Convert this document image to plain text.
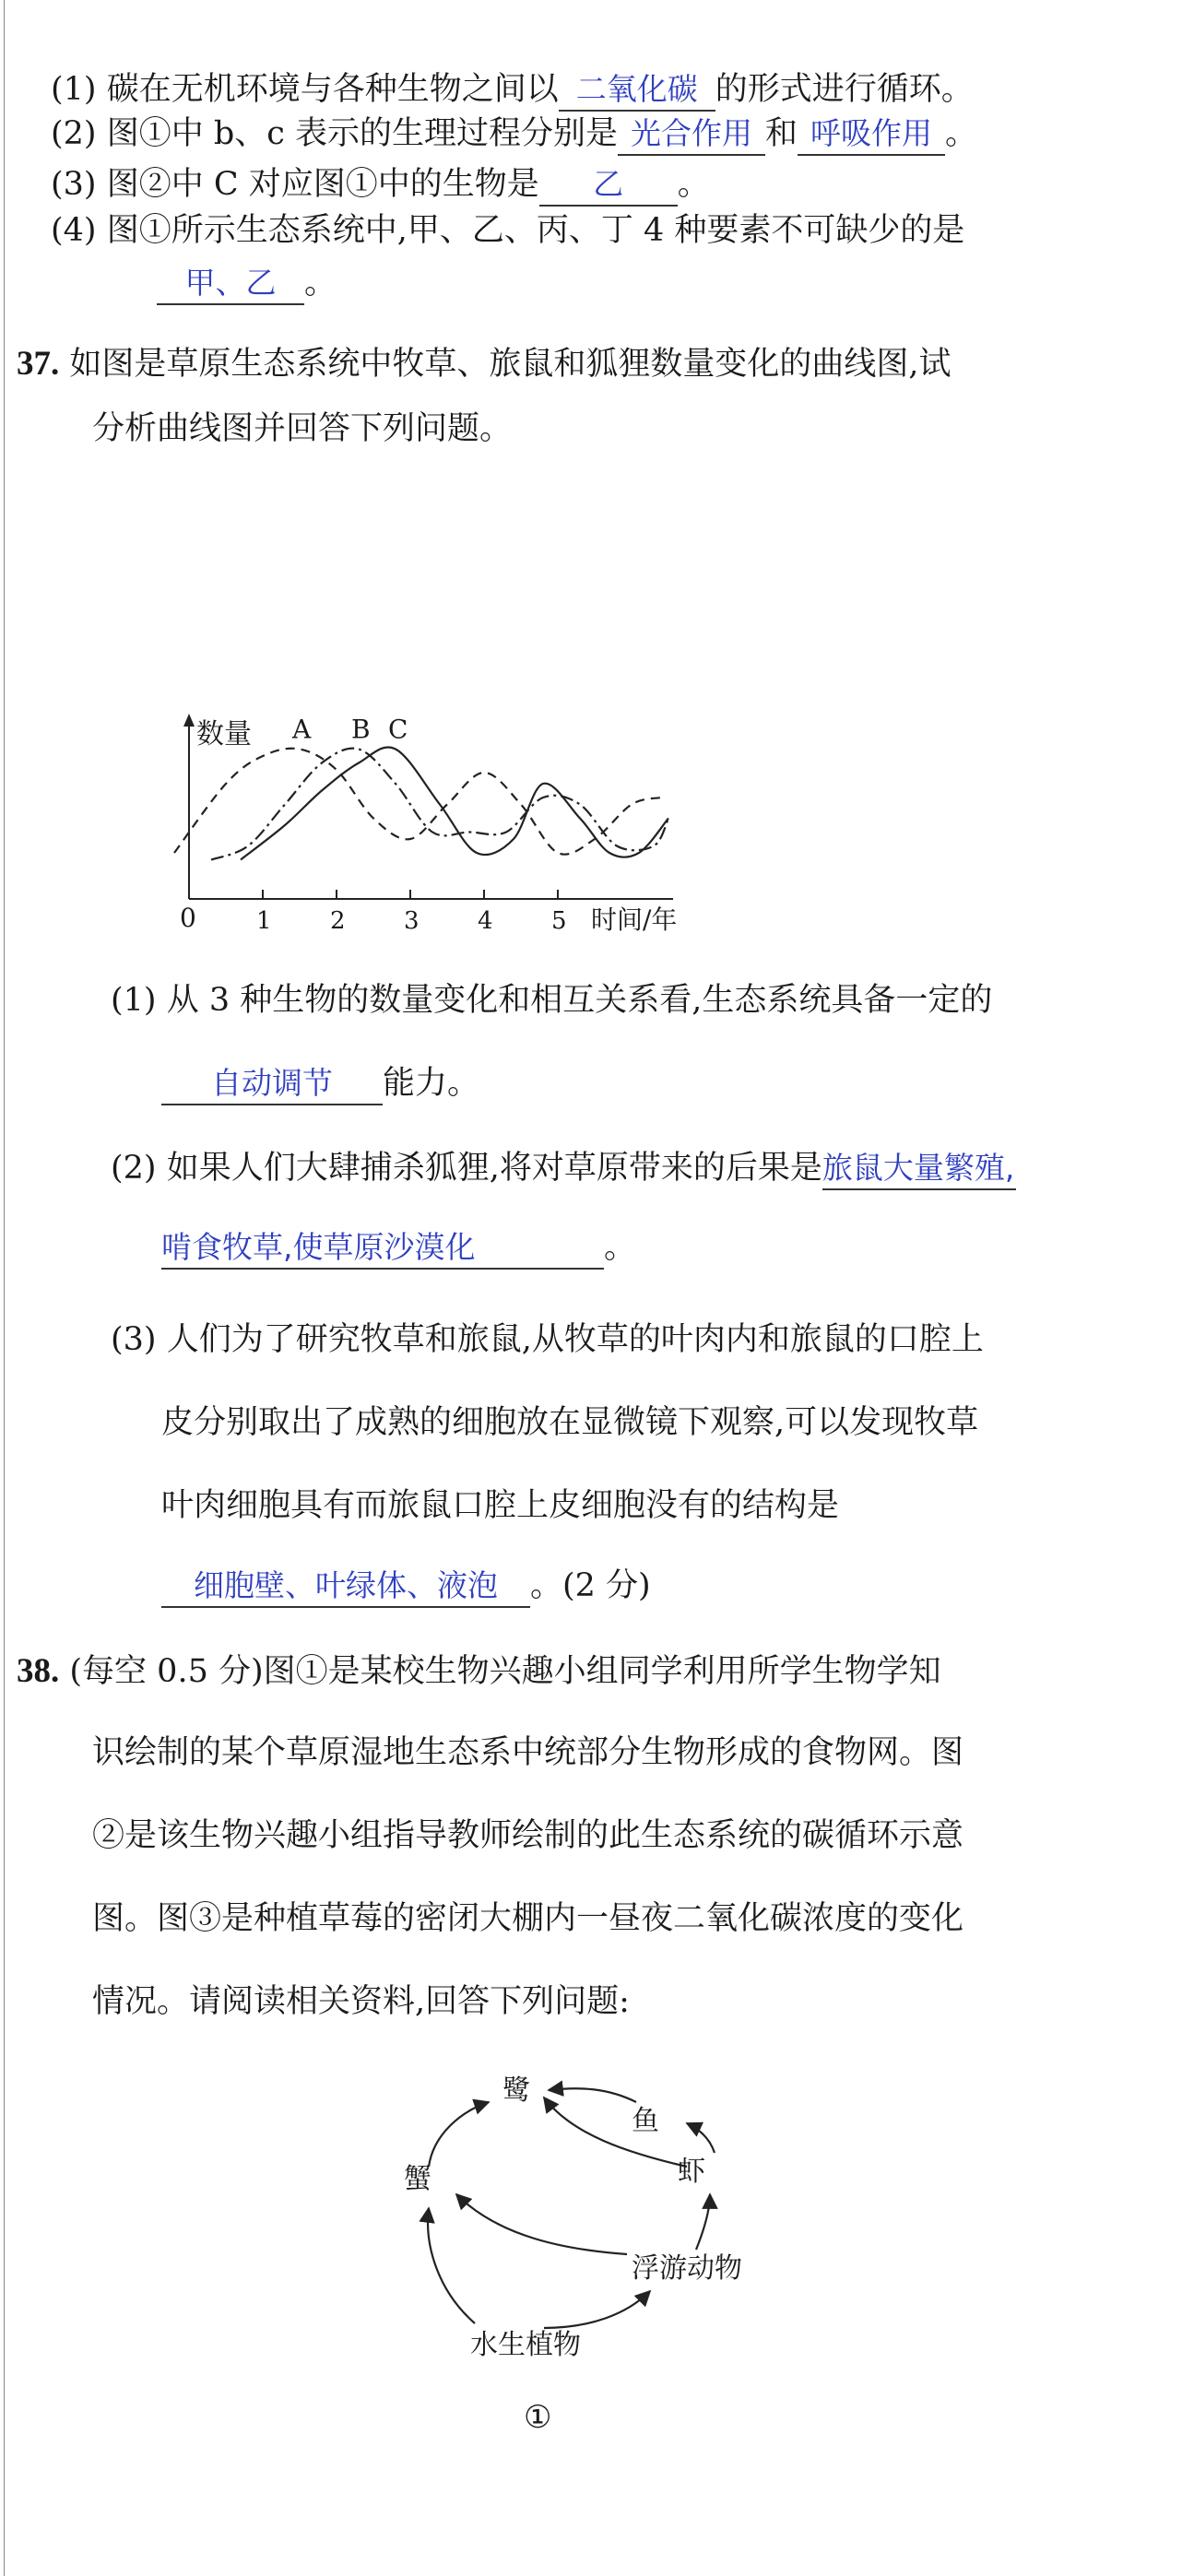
(1) 碳在无机环境与各种生物之间以 二氧化碳 的形式进行循环。
(2) 图①中 b、c 表示的生理过程分别是 光合作用 和 呼吸作用 。
(3) 图②中 C 对应图①中的生物是 乙 。
(4) 图①所示生态系统中,甲、乙、丙、丁 4 种要素不可缺少的是
甲、乙 。
37. 如图是草原生态系统中牧草、旅鼠和狐狸数量变化的曲线图,试
分析曲线图并回答下列问题。
数量
0	1 2 3 4 5 时间/年
A B C
(1) 从 3 种生物的数量变化和相互关系看,生态系统具备一定的
自动调节 能力。
(2) 如果人们大肆捕杀狐狸,将对草原带来的后果是旅鼠大量繁殖,
啃食牧草,使草原沙漠化	。
(3) 人们为了研究牧草和旅鼠,从牧草的叶肉内和旅鼠的口腔上
皮分别取出了成熟的细胞放在显微镜下观察,可以发现牧草
叶肉细胞具有而旅鼠口腔上皮细胞没有的结构是
细胞壁、叶绿体、液泡 。(2 分)
38. (每空 0.5 分)图①是某校生物兴趣小组同学利用所学生物学知
识绘制的某个草原湿地生态系中统部分生物形成的食物网。图
②是该生物兴趣小组指导教师绘制的此生态系统的碳循环示意
图。图③是种植草莓的密闭大棚内一昼夜二氧化碳浓度的变化
情况。请阅读相关资料,回答下列问题:
鹭
鱼
虾
蟹
浮游动物
水生植物
①
